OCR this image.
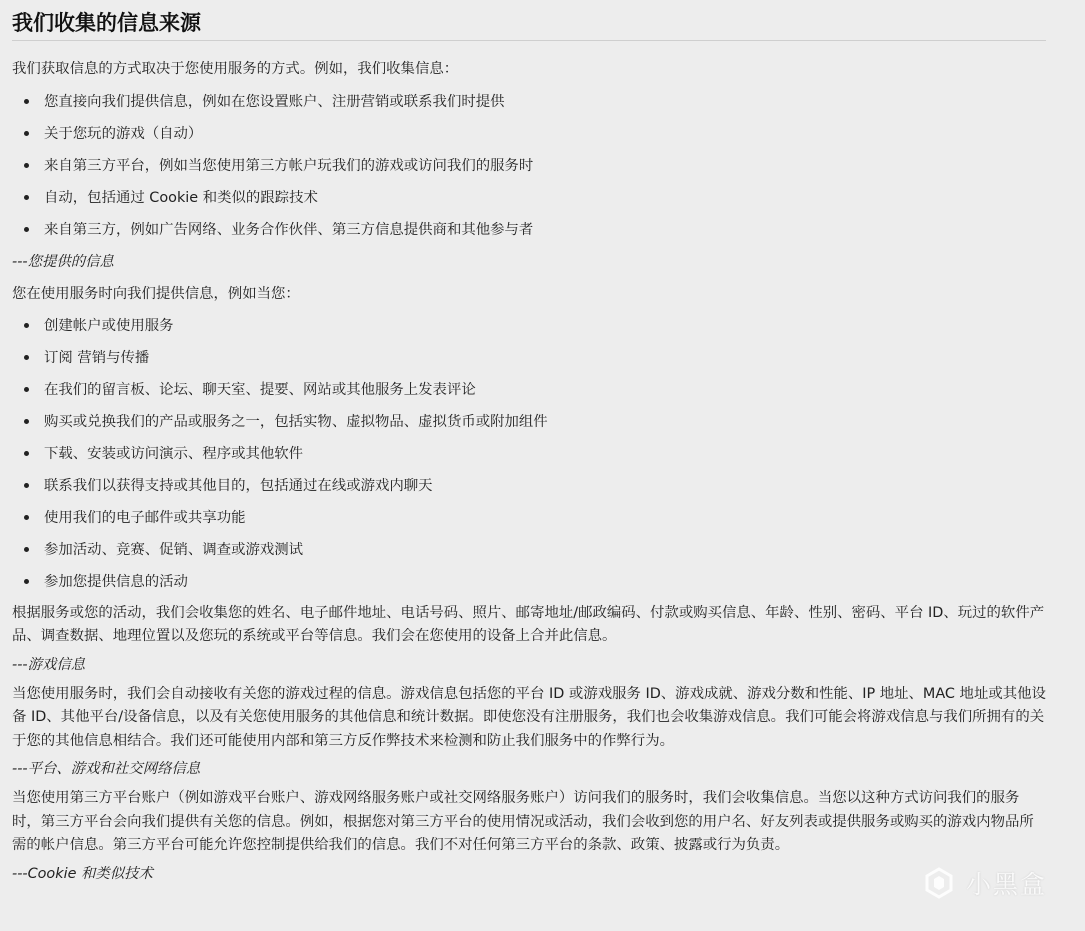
我们收集的信息来源

我们获取信息的方式取决于您使用服务的方式。例如，我们收集信息：

您直接向我们提供信息，例如在您设置账户、注册营销或联系我们时提供
关于您玩的游戏（自动）
来自第三方平台，例如当您使用第三方帐户玩我们的游戏或访问我们的服务时
自动，包括通过 Cookie 和类似的跟踪技术
来自第三方，例如广告网络、业务合作伙伴、第三方信息提供商和其他参与者

---您提供的信息

您在使用服务时向我们提供信息，例如当您：

创建帐户或使用服务
订阅 营销与传播
在我们的留言板、论坛、聊天室、提要、网站或其他服务上发表评论
购买或兑换我们的产品或服务之一，包括实物、虚拟物品、虚拟货币或附加组件
下载、安装或访问演示、程序或其他软件
联系我们以获得支持或其他目的，包括通过在线或游戏内聊天
使用我们的电子邮件或共享功能
参加活动、竞赛、促销、调查或游戏测试
参加您提供信息的活动

根据服务或您的活动，我们会收集您的姓名、电子邮件地址、电话号码、照片、邮寄地址/邮政编码、付款或购买信息、年龄、性别、密码、平台 ID、玩过的软件产品、调查数据、地理位置以及您玩的系统或平台等信息。我们会在您使用的设备上合并此信息。

---游戏信息

当您使用服务时，我们会自动接收有关您的游戏过程的信息。游戏信息包括您的平台 ID 或游戏服务 ID、游戏成就、游戏分数和性能、IP 地址、MAC 地址或其他设备 ID、其他平台/设备信息，以及有关您使用服务的其他信息和统计数据。即使您没有注册服务，我们也会收集游戏信息。我们可能会将游戏信息与我们所拥有的关于您的其他信息相结合。我们还可能使用内部和第三方反作弊技术来检测和防止我们服务中的作弊行为。

---平台、游戏和社交网络信息

当您使用第三方平台账户（例如游戏平台账户、游戏网络服务账户或社交网络服务账户）访问我们的服务时，我们会收集信息。当您以这种方式访问我们的服务时，第三方平台会向我们提供有关您的信息。例如，根据您对第三方平台的使用情况或活动，我们会收到您的用户名、好友列表或提供服务或购买的游戏内物品所需的帐户信息。第三方平台可能允许您控制提供给我们的信息。我们不对任何第三方平台的条款、政策、披露或行为负责。

---Cookie 和类似技术	小黑盒
